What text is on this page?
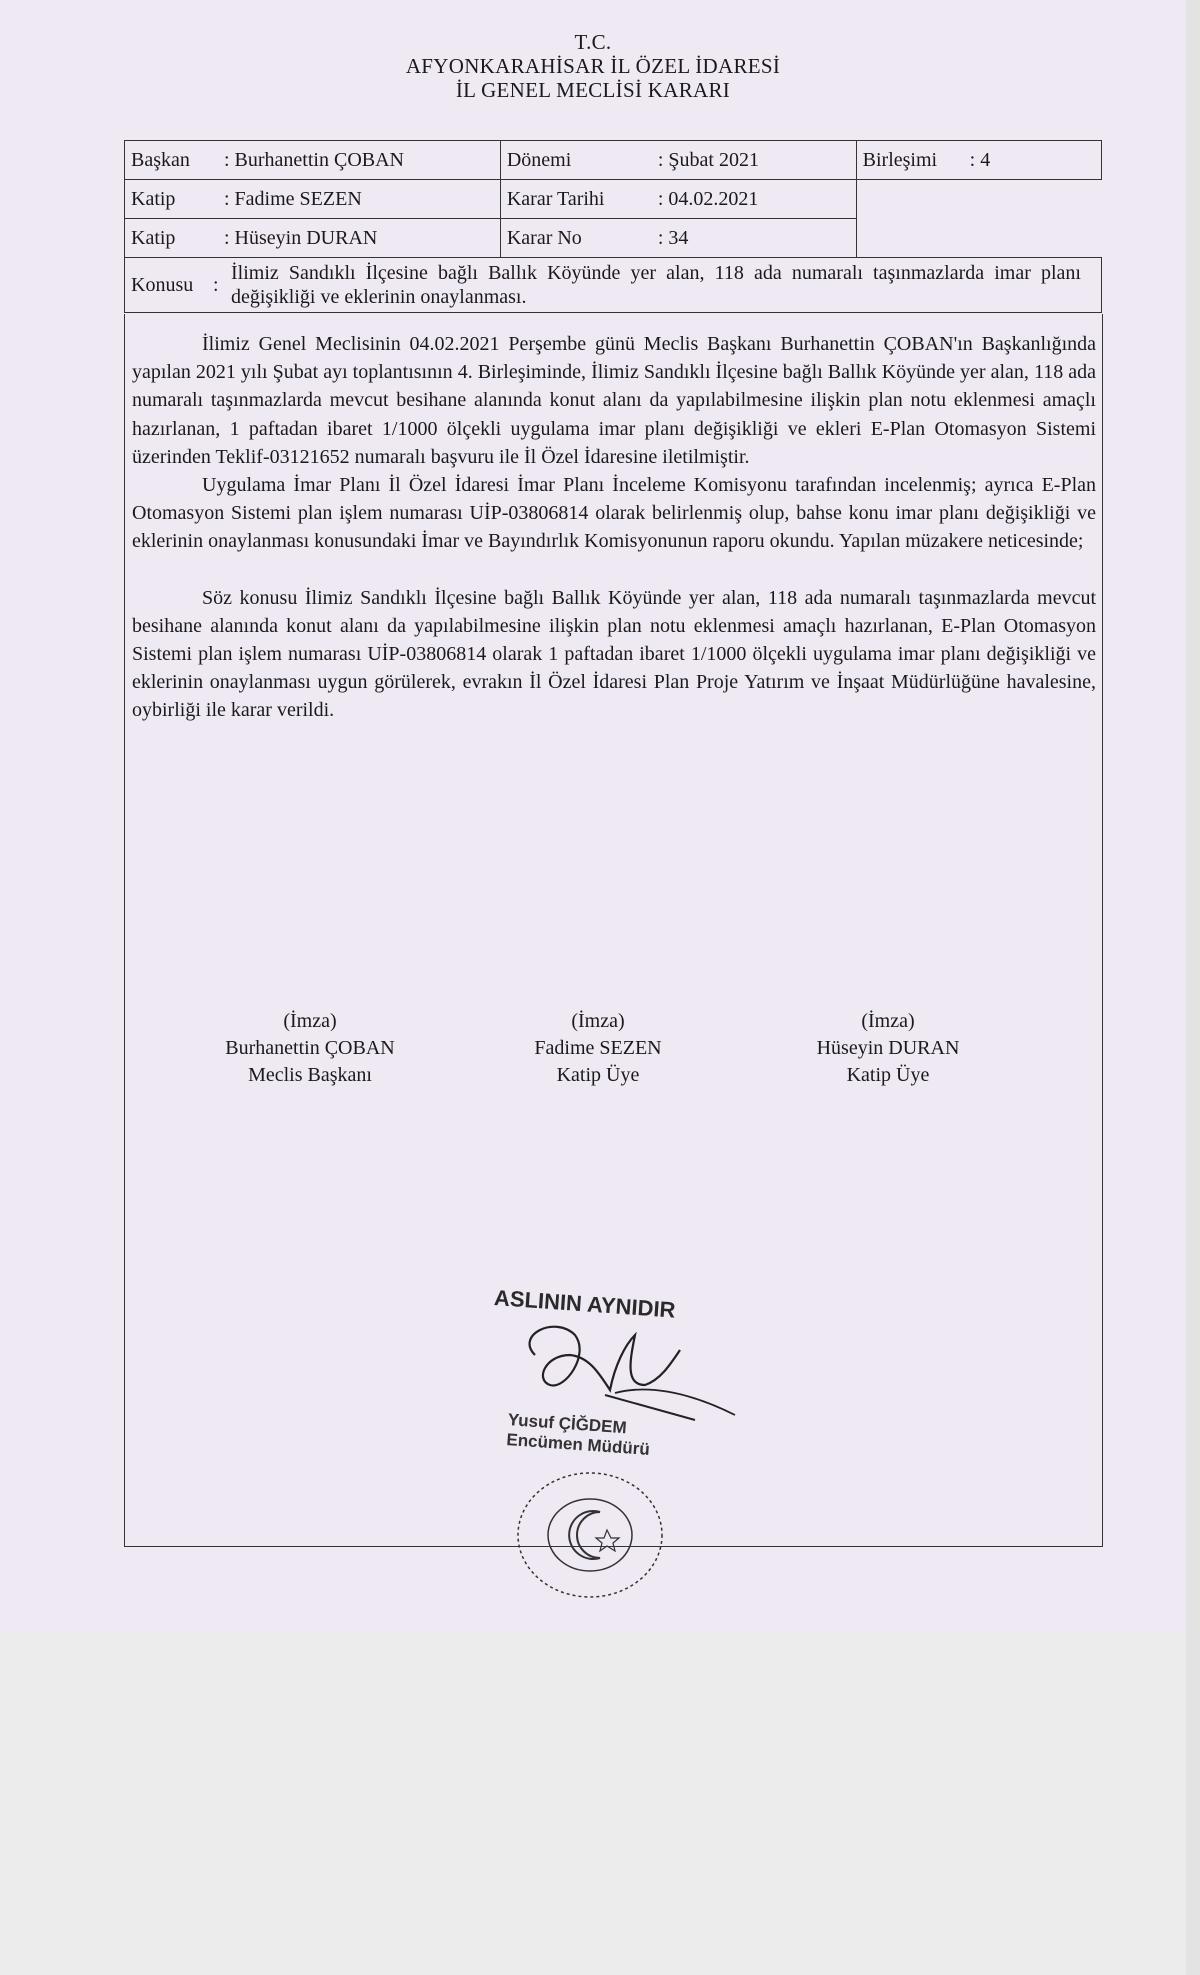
T.C.
AFYONKARAHİSAR İL ÖZEL İDARESİ
İL GENEL MECLİSİ KARARI
Başkan : Burhanettin ÇOBAN	Dönemi : Şubat 2021	Birleşimi : 4
Katip : Fadime SEZEN	Karar Tarihi : 04.02.2021	
Katip : Hüseyin DURAN	Karar No : 34	
Konusu :İlimiz Sandıklı İlçesine bağlı Ballık Köyünde yer alan, 118 ada numaralı taşınmazlarda imar planı değişikliği ve eklerinin onaylanması.		

İlimiz Genel Meclisinin 04.02.2021 Perşembe günü Meclis Başkanı Burhanettin ÇOBAN'ın Başkanlığında yapılan 2021 yılı Şubat ayı toplantısının 4. Birleşiminde, İlimiz Sandıklı İlçesine bağlı Ballık Köyünde yer alan, 118 ada numaralı taşınmazlarda mevcut besihane alanında konut alanı da yapılabilmesine ilişkin plan notu eklenmesi amaçlı hazırlanan, 1 paftadan ibaret 1/1000 ölçekli uygulama imar planı değişikliği ve ekleri E-Plan Otomasyon Sistemi üzerinden Teklif-03121652 numaralı başvuru ile İl Özel İdaresine iletilmiştir.

Uygulama İmar Planı İl Özel İdaresi İmar Planı İnceleme Komisyonu tarafından incelenmiş; ayrıca E-Plan Otomasyon Sistemi plan işlem numarası UİP-03806814 olarak belirlenmiş olup, bahse konu imar planı değişikliği ve eklerinin onaylanması konusundaki İmar ve Bayındırlık Komisyonunun raporu okundu. Yapılan müzakere neticesinde;

Söz konusu İlimiz Sandıklı İlçesine bağlı Ballık Köyünde yer alan, 118 ada numaralı taşınmazlarda mevcut besihane alanında konut alanı da yapılabilmesine ilişkin plan notu eklenmesi amaçlı hazırlanan, E-Plan Otomasyon Sistemi plan işlem numarası UİP-03806814 olarak 1 paftadan ibaret 1/1000 ölçekli uygulama imar planı değişikliği ve eklerinin onaylanması uygun görülerek, evrakın İl Özel İdaresi Plan Proje Yatırım ve İnşaat Müdürlüğüne havalesine, oybirliği ile karar verildi.

(İmza)
Burhanettin ÇOBAN
Meclis Başkanı
(İmza)
Fadime SEZEN
Katip Üye
(İmza)
Hüseyin DURAN
Katip Üye
ASLININ AYNIDIR
Yusuf ÇİĞDEM
Encümen Müdürü
